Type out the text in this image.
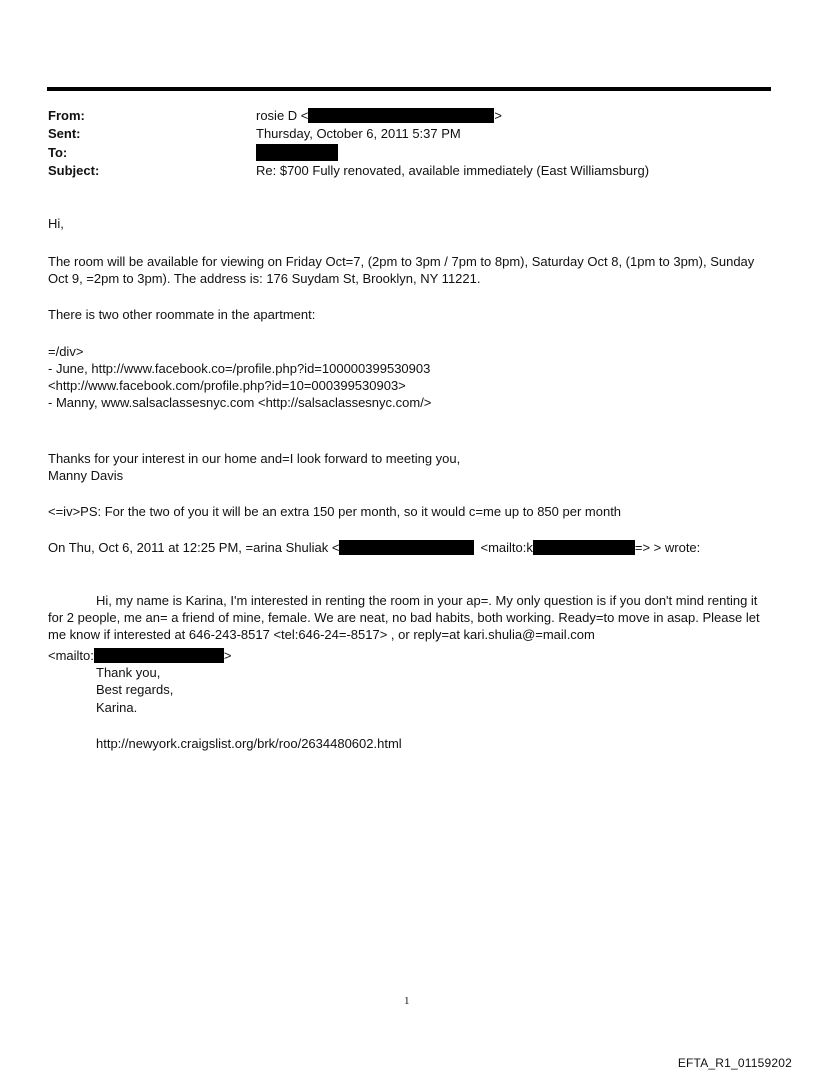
From:	rosie D <	>
Sent:	Thursday, October 6, 2011 5:37 PM
To:
Subject:	Re: $700 Fully renovated, available immediately (East Williamsburg)
Hi,
The room will be available for viewing on Friday Oct=7, (2pm to 3pm / 7pm to 8pm), Saturday Oct 8, (1pm to 3pm), Sunday Oct 9, =2pm to 3pm). The address is: 176 Suydam St, Brooklyn, NY 11221.
There is two other roommate in the apartment:
=/div>
- June, http://www.facebook.co=/profile.php?id=100000399530903
<http://www.facebook.com/profile.php?id=10=000399530903>
- Manny, www.salsaclassesnyc.com <http://salsaclassesnyc.com/>
Thanks for your interest in our home and=I look forward to meeting you,
Manny Davis
<=iv>PS: For the two of you it will be an extra 150 per month, so it would c=me up to 850 per month
On Thu, Oct 6, 2011 at 12:25 PM, =arina Shuliak <	<mailto:k	=> > wrote:
Hi, my name is Karina, I'm interested in renting the room in your ap=. My only question is if you don't mind renting it for 2 people, me an= a friend of mine, female. We are neat, no bad habits, both working. Ready=to move in asap. Please let me know if interested at 646-243-8517 <tel:646-24=-8517> , or reply=at kari.shulia@=mail.com
<mailto:	>
Thank you,
Best regards,
Karina.
http://newyork.craigslist.org/brk/roo/2634480602.html
1
EFTA_R1_01159202
